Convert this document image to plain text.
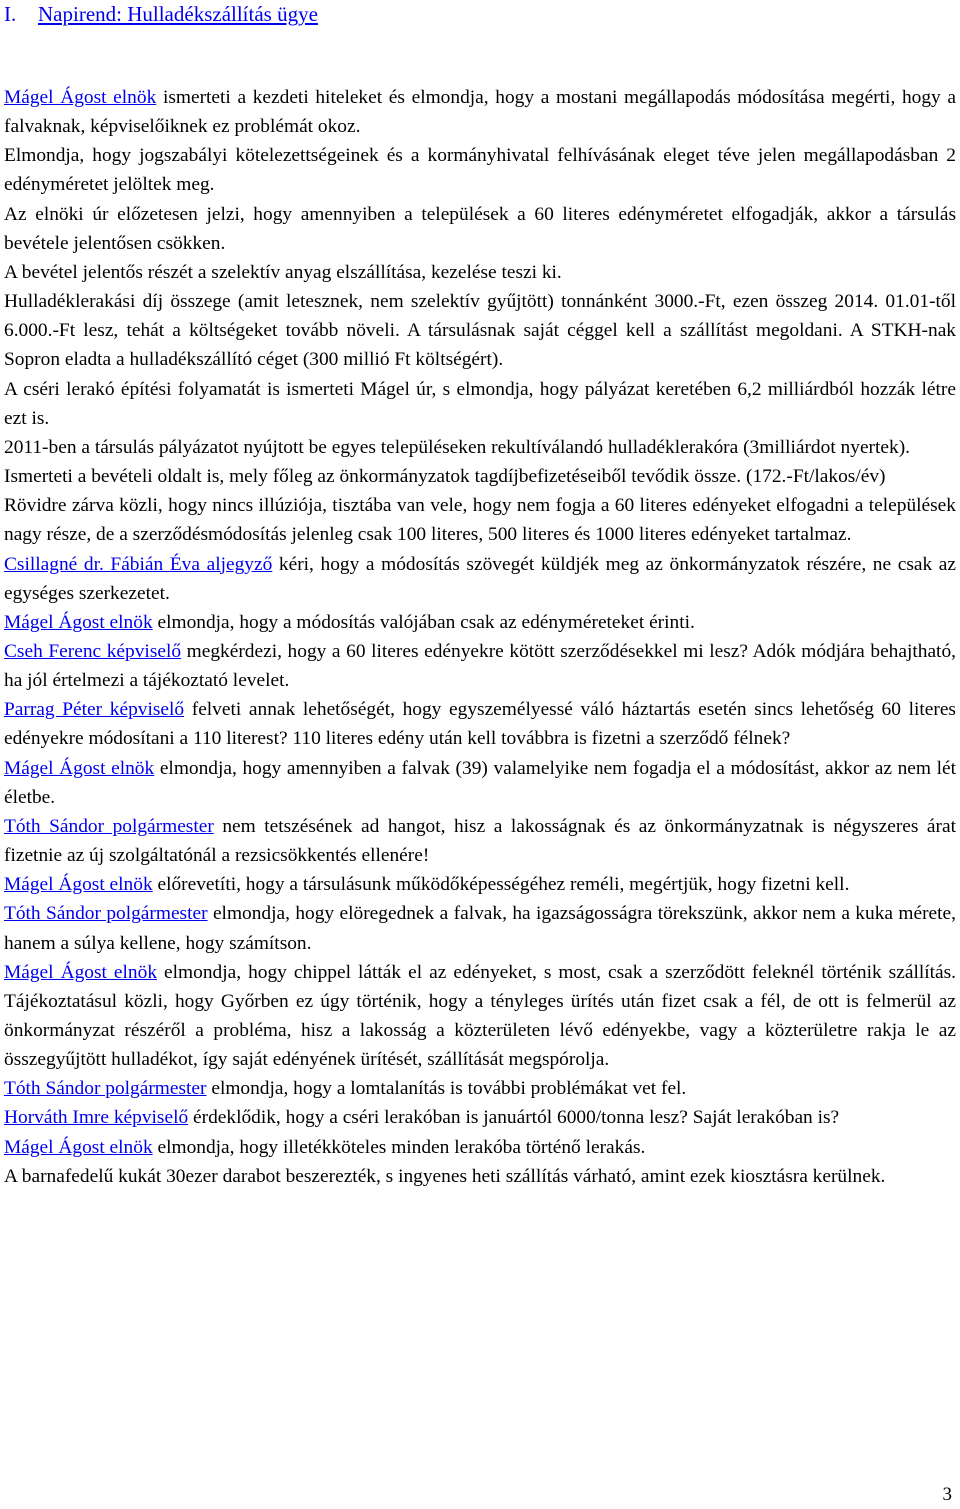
I. Napirend: Hulladékszállítás ügye

Mágel Ágost elnök ismerteti a kezdeti hiteleket és elmondja, hogy a mostani megállapodás módosítása megérti, hogy a falvaknak, képviselőiknek ez problémát okoz.

Elmondja, hogy jogszabályi kötelezettségeinek és a kormányhivatal felhívásának eleget téve jelen megállapodásban 2 edényméretet jelöltek meg.

Az elnöki úr előzetesen jelzi, hogy amennyiben a települések a 60 literes edényméretet elfogadják, akkor a társulás bevétele jelentősen csökken.

A bevétel jelentős részét a szelektív anyag elszállítása, kezelése teszi ki.

Hulladéklerakási díj összege (amit letesznek, nem szelektív gyűjtött) tonnánként 3000.-Ft, ezen összeg 2014. 01.01-től 6.000.-Ft lesz, tehát a költségeket tovább növeli. A társulásnak saját céggel kell a szállítást megoldani. A STKH-nak Sopron eladta a hulladékszállító céget (300 millió Ft költségért).

A cséri lerakó építési folyamatát is ismerteti Mágel úr, s elmondja, hogy pályázat keretében 6,2 milliárdból hozzák létre ezt is.

2011-ben a társulás pályázatot nyújtott be egyes településeken rekultíválandó hulladéklerakóra (3milliárdot nyertek).

Ismerteti a bevételi oldalt is, mely főleg az önkormányzatok tagdíjbefizetéseiből tevődik össze. (172.-Ft/lakos/év)

Rövidre zárva közli, hogy nincs illúziója, tisztába van vele, hogy nem fogja a 60 literes edényeket elfogadni a települések nagy része, de a szerződésmódosítás jelenleg csak 100 literes, 500 literes és 1000 literes edényeket tartalmaz.

Csillagné dr. Fábián Éva aljegyző kéri, hogy a módosítás szövegét küldjék meg az önkormányzatok részére, ne csak az egységes szerkezetet.

Mágel Ágost elnök elmondja, hogy a módosítás valójában csak az edényméreteket érinti.

Cseh Ferenc képviselő megkérdezi, hogy a 60 literes edényekre kötött szerződésekkel mi lesz? Adók módjára behajtható, ha jól értelmezi a tájékoztató levelet.

Parrag Péter képviselő felveti annak lehetőségét, hogy egyszemélyessé váló háztartás esetén sincs lehetőség 60 literes edényekre módosítani a 110 literest? 110 literes edény után kell továbbra is fizetni a szerződő félnek?

Mágel Ágost elnök elmondja, hogy amennyiben a falvak (39) valamelyike nem fogadja el a módosítást, akkor az nem lét életbe.

Tóth Sándor polgármester nem tetszésének ad hangot, hisz a lakosságnak és az önkormányzatnak is négyszeres árat fizetnie az új szolgáltatónál a rezsicsökkentés ellenére!

Mágel Ágost elnök előrevetíti, hogy a társulásunk működőképességéhez reméli, megértjük, hogy fizetni kell.

Tóth Sándor polgármester elmondja, hogy elöregednek a falvak, ha igazságosságra törekszünk, akkor nem a kuka mérete, hanem a súlya kellene, hogy számítson.

Mágel Ágost elnök elmondja, hogy chippel látták el az edényeket, s most, csak a szerződött feleknél történik szállítás. Tájékoztatásul közli, hogy Győrben ez úgy történik, hogy a tényleges ürítés után fizet csak a fél, de ott is felmerül az önkormányzat részéről a probléma, hisz a lakosság a közterületen lévő edényekbe, vagy a közterületre rakja le az összegyűjtött hulladékot, így saját edényének ürítését, szállítását megspórolja.

Tóth Sándor polgármester elmondja, hogy a lomtalanítás is további problémákat vet fel.

Horváth Imre képviselő érdeklődik, hogy a cséri lerakóban is januártól 6000/tonna lesz? Saját lerakóban is?

Mágel Ágost elnök elmondja, hogy illetékköteles minden lerakóba történő lerakás.

A barnafedelű kukát 30ezer darabot beszerezték, s ingyenes heti szállítás várható, amint ezek kiosztásra kerülnek.

3
